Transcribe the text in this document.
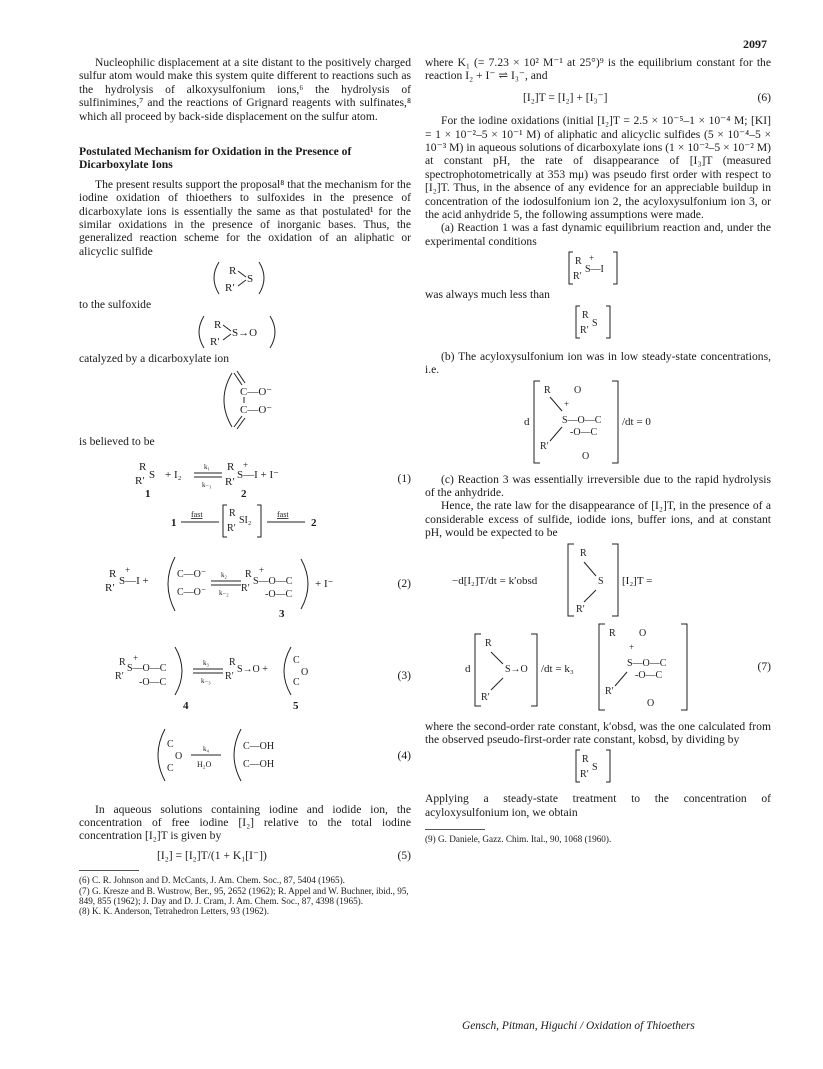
2097

Nucleophilic displacement at a site distant to the positively charged sulfur atom would make this system quite different to reactions such as the hydrolysis of alkoxysulfonium ions,⁶ the hydrolysis of sulfinimines,⁷ and the reactions of Grignard reagents with sulfinates,⁸ which all proceed by back-side displacement on the sulfur atom.

Postulated Mechanism for Oxidation in the Presence of Dicarboxylate Ions

The present results support the proposal⁸ that the mechanism for the iodine oxidation of thioethers to sulfoxides in the presence of dicarboxylate ions is essentially the same as that postulated¹ for the similar oxidations in the presence of inorganic bases. Thus, the generalized reaction scheme for the oxidation of an aliphatic or alicyclic sulfide

R
R′
S

to the sulfoxide

R
R′
S→O

catalyzed by a dicarboxylate ion

C—O⁻
C—O⁻

is believed to be

R
R′ S
1
+ I₂
k₁
k₋₁
R
R′
S—I + I⁻
+
2
(1)
1
fast	R
R′
SI₂
fast
2
R
R′
S—I +
+	C—O⁻
C—O⁻
k₂
k₋₂
R
R′
S—O—C
+
-O—C
+ I⁻
3
(2)
R
R′
S—O—C
+
-O—C
k₃
k₋₃
R
R′
S→O +
C
O
C
4	5
(3)
C
O
C
k₄
H₂O
C—OH
C—OH
(4)

In aqueous solutions containing iodine and iodide ion, the concentration of free iodine [I₂] relative to the total iodine concentration [I₂]T is given by

[I₂] = [I₂]T/(1 + K₁[I⁻])	(5)

(6) C. R. Johnson and D. McCants, J. Am. Chem. Soc., 87, 5404 (1965).

(7) G. Kresze and B. Wustrow, Ber., 95, 2652 (1962); R. Appel and W. Buchner, ibid., 95, 849, 855 (1962); J. Day and D. J. Cram, J. Am. Chem. Soc., 87, 4398 (1965).

(8) K. K. Anderson, Tetrahedron Letters, 93 (1962).

where K₁ (= 7.23 × 10² M⁻¹ at 25°)⁹ is the equilibrium constant for the reaction I₂ + I⁻ ⇌ I₃⁻, and

[I₂]T = [I₂] + [I₃⁻]	(6)

For the iodine oxidations (initial [I₂]T = 2.5 × 10⁻⁵–1 × 10⁻⁴ M; [KI] = 1 × 10⁻²–5 × 10⁻¹ M) of aliphatic and alicyclic sulfides (5 × 10⁻⁴–5 × 10⁻³ M) in aqueous solutions of dicarboxylate ions (1 × 10⁻²–5 × 10⁻² M) at constant pH, the rate of disappearance of [I₃]T (measured spectrophotometrically at 353 mμ) was pseudo first order with respect to [I₂]T. Thus, in the absence of any evidence for an appreciable buildup in concentration of the iodosulfonium ion 2, the acyloxysulfonium ion 3, or the acid anhydride 5, the following assumptions were made.

(a) Reaction 1 was a fast dynamic equilibrium reaction and, under the experimental conditions

R
R′
S—I
+

was always much less than

R
R′
S

(b) The acyloxysulfonium ion was in low steady-state concentrations, i.e.

d
R O
+
S—O—C
-O—C
R′
O
/dt = 0

(c) Reaction 3 was essentially irreversible due to the rapid hydrolysis of the anhydride.

Hence, the rate law for the disappearance of [I₂]T, in the presence of a considerable excess of sulfide, iodide ions, buffer ions, and at constant pH, would be expected to be

−d[I₂]T/dt = k′obsd
R
S
R′
[I₂]T =
d
R
S→O
R′
/dt = k₃
R O
+
S—O—C
-O—C
R′
O
(7)

where the second-order rate constant, k′obsd, was the one calculated from the observed pseudo-first-order rate constant, kobsd, by dividing by

R
R′
S

Applying a steady-state treatment to the concentration of acyloxysulfonium ion, we obtain

(9) G. Daniele, Gazz. Chim. Ital., 90, 1068 (1960).

Gensch, Pitman, Higuchi / Oxidation of Thioethers
